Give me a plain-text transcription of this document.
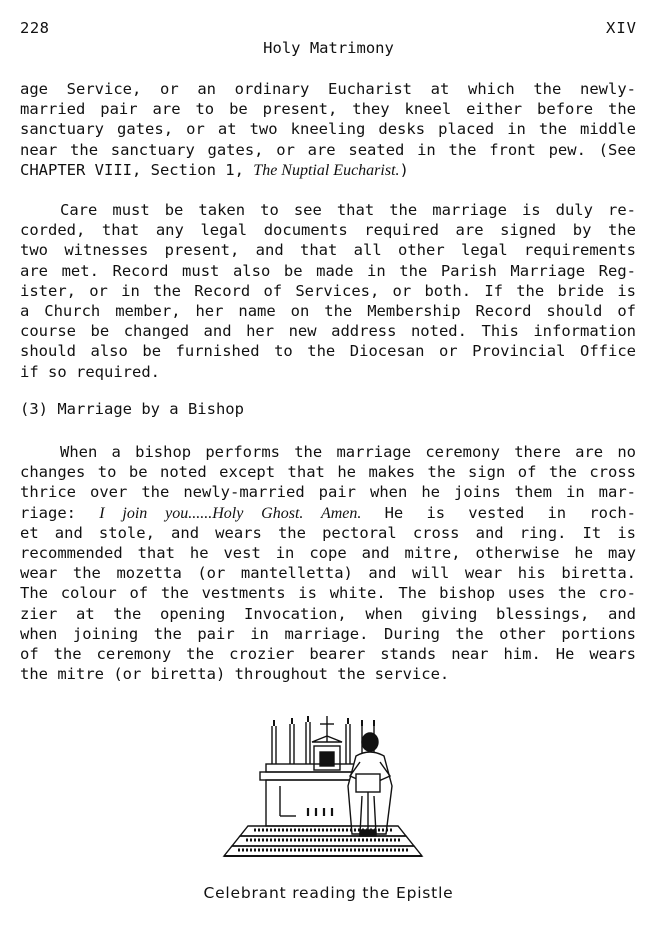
228	XIV
Holy Matrimony
age Service, or an ordinary Eucharist at which the newly-
married pair are to be present, they kneel either before the
sanctuary gates, or at two kneeling desks placed in the middle
near the sanctuary gates, or are seated in the front pew. (See
CHAPTER VIII, Section 1, The Nuptial Eucharist.)
Care must be taken to see that the marriage is duly re-
corded, that any legal documents required are signed by the
two witnesses present, and that all other legal requirements
are met. Record must also be made in the Parish Marriage Reg-
ister, or in the Record of Services, or both. If the bride is
a Church member, her name on the Membership Record should of
course be changed and her new address noted. This information
should also be furnished to the Diocesan or Provincial Office
if so required.
(3) Marriage by a Bishop
When a bishop performs the marriage ceremony there are no
changes to be noted except that he makes the sign of the cross
thrice over the newly-married pair when he joins them in mar-
riage: I join you......Holy Ghost. Amen. He is vested in roch-
et and stole, and wears the pectoral cross and ring. It is
recommended that he vest in cope and mitre, otherwise he may
wear the mozetta (or mantelletta) and will wear his biretta.
The colour of the vestments is white. The bishop uses the cro-
zier at the opening Invocation, when giving blessings, and
when joining the pair in marriage. During the other portions
of the ceremony the crozier bearer stands near him. He wears
the mitre (or biretta) throughout the service.
Celebrant reading the Epistle
